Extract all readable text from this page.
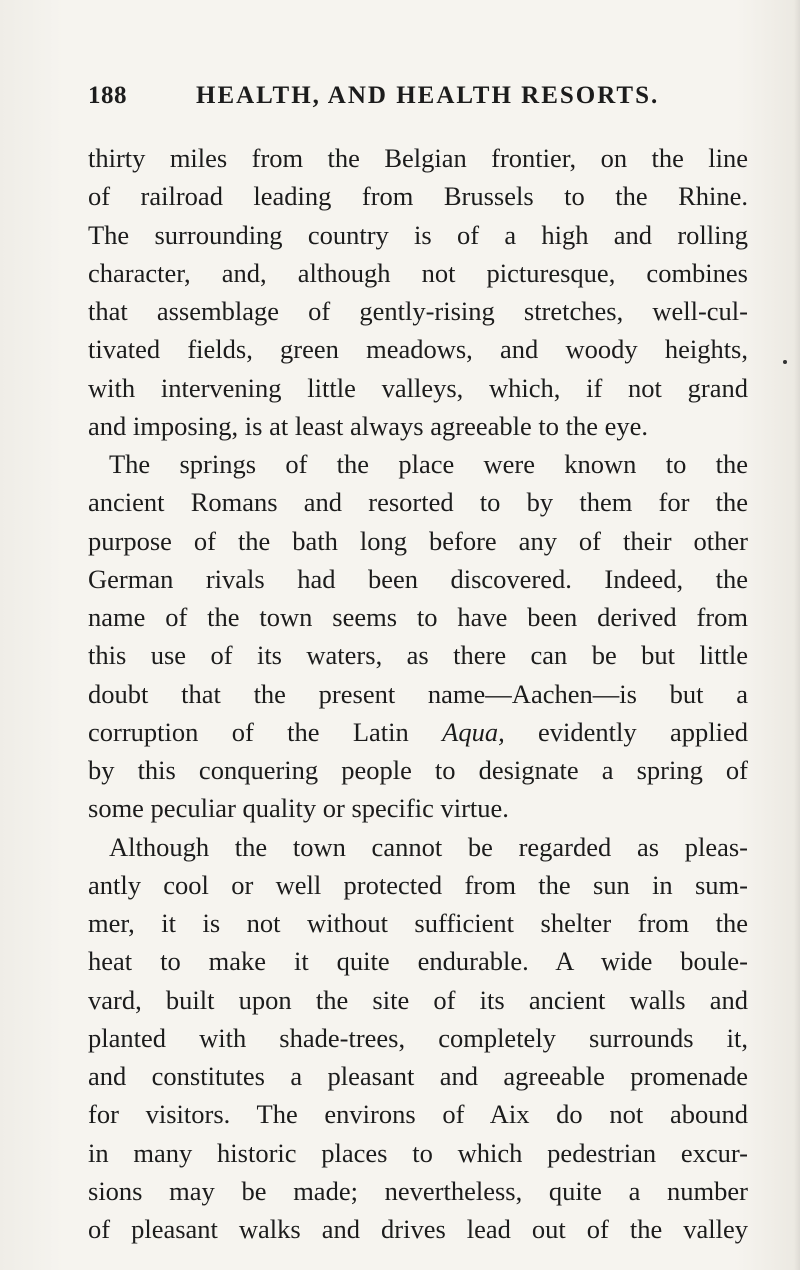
188	HEALTH, AND HEALTH RESORTS.
thirty miles from the Belgian frontier, on the line
of railroad leading from Brussels to the Rhine.
The surrounding country is of a high and rolling
character, and, although not picturesque, combines
that assemblage of gently-rising stretches, well-cul-
tivated fields, green meadows, and woody heights,
with intervening little valleys, which, if not grand
and imposing, is at least always agreeable to the eye.
The springs of the place were known to the
ancient Romans and resorted to by them for the
purpose of the bath long before any of their other
German rivals had been discovered. Indeed, the
name of the town seems to have been derived from
this use of its waters, as there can be but little
doubt that the present name—Aachen—is but a
corruption of the Latin Aqua, evidently applied
by this conquering people to designate a spring of
some peculiar quality or specific virtue.
Although the town cannot be regarded as pleas-
antly cool or well protected from the sun in sum-
mer, it is not without sufficient shelter from the
heat to make it quite endurable. A wide boule-
vard, built upon the site of its ancient walls and
planted with shade-trees, completely surrounds it,
and constitutes a pleasant and agreeable promenade
for visitors. The environs of Aix do not abound
in many historic places to which pedestrian excur-
sions may be made; nevertheless, quite a number
of pleasant walks and drives lead out of the valley
